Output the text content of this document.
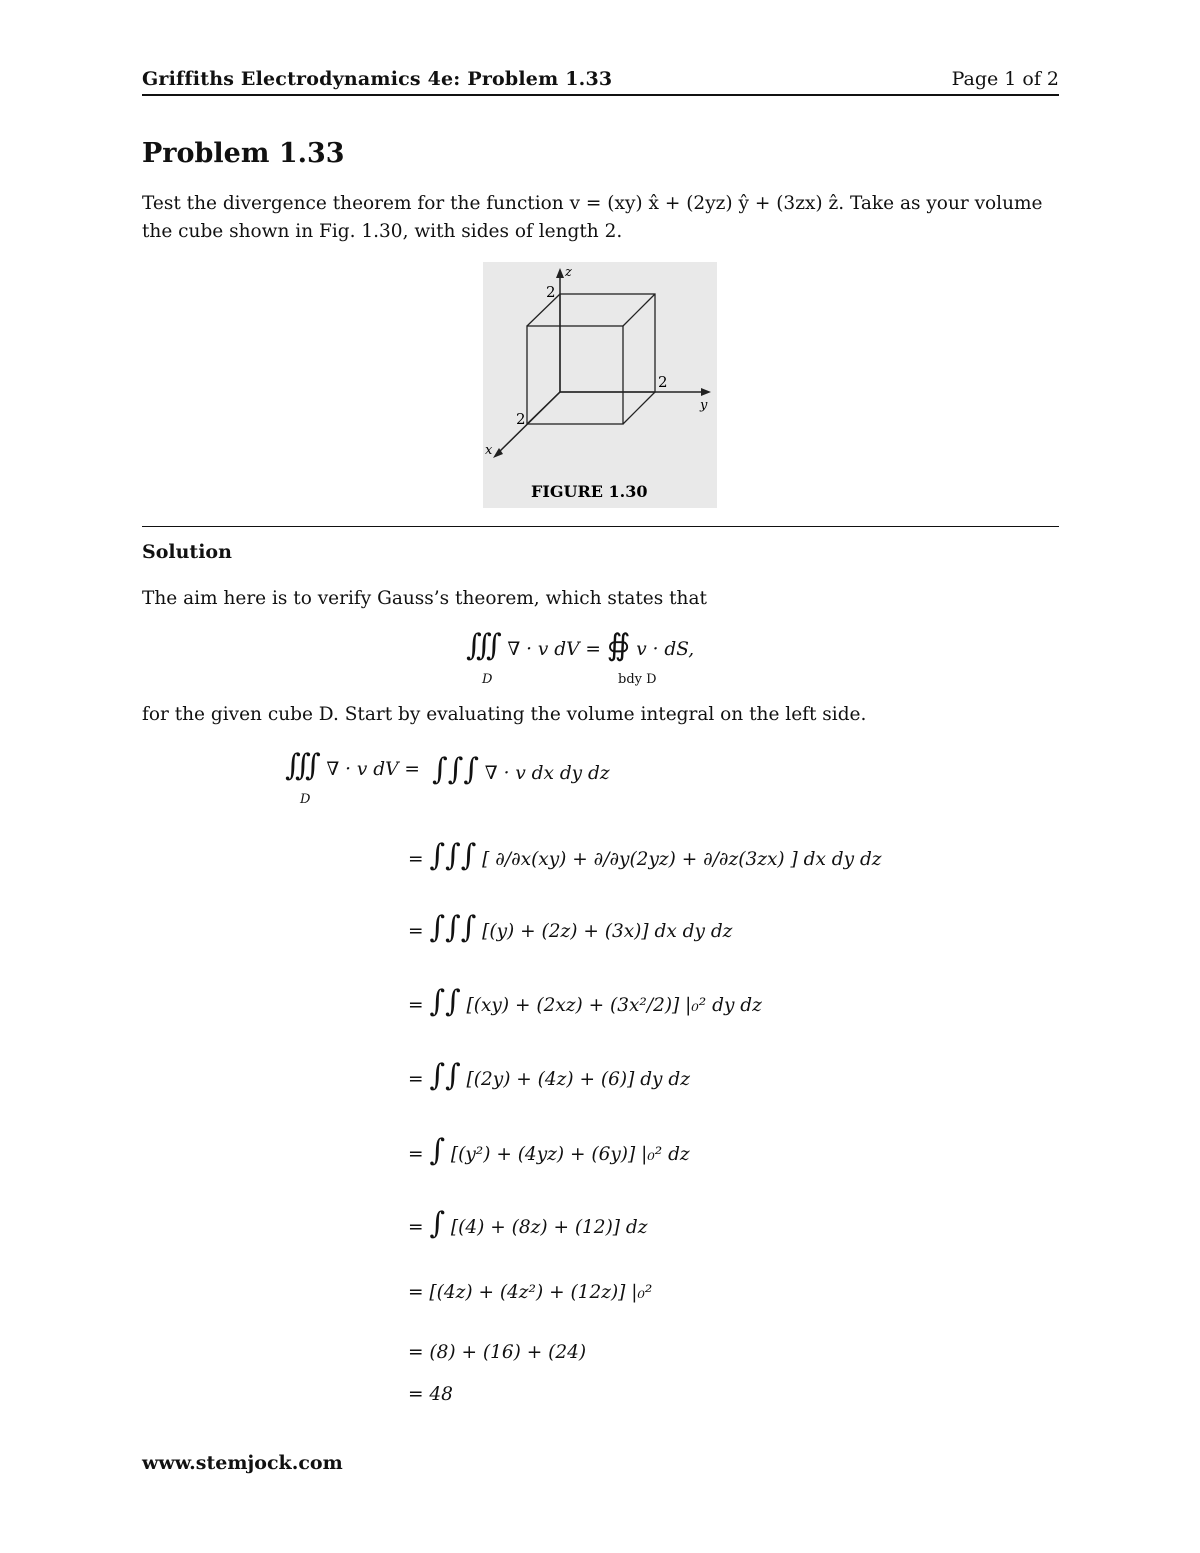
Griffiths Electrodynamics 4e: Problem 1.33	Page 1 of 2
Problem 1.33
Test the divergence theorem for the function v = (xy) x̂ + (2yz) ŷ + (3zx) ẑ. Take as your volume
the cube shown in Fig. 1.30, with sides of length 2.
z
y
x
2
2
2
FIGURE 1.30
Solution
The aim here is to verify Gauss’s theorem, which states that
∭ ∇ · v dV = ∯ v · dS,
D	bdy D
for the given cube D. Start by evaluating the volume integral on the left side.
∭ ∇ · v dV =
D
∫∫∫ ∇ · v dx dy dz
= ∫∫∫ [ ∂/∂x(xy) + ∂/∂y(2yz) + ∂/∂z(3zx) ] dx dy dz
= ∫∫∫ [(y) + (2z) + (3x)] dx dy dz
= ∫∫ [(xy) + (2xz) + (3x²/2)] |₀² dy dz
= ∫∫ [(2y) + (4z) + (6)] dy dz
= ∫ [(y²) + (4yz) + (6y)] |₀² dz
= ∫ [(4) + (8z) + (12)] dz
= [(4z) + (4z²) + (12z)] |₀²
= (8) + (16) + (24)
= 48
www.stemjock.com
